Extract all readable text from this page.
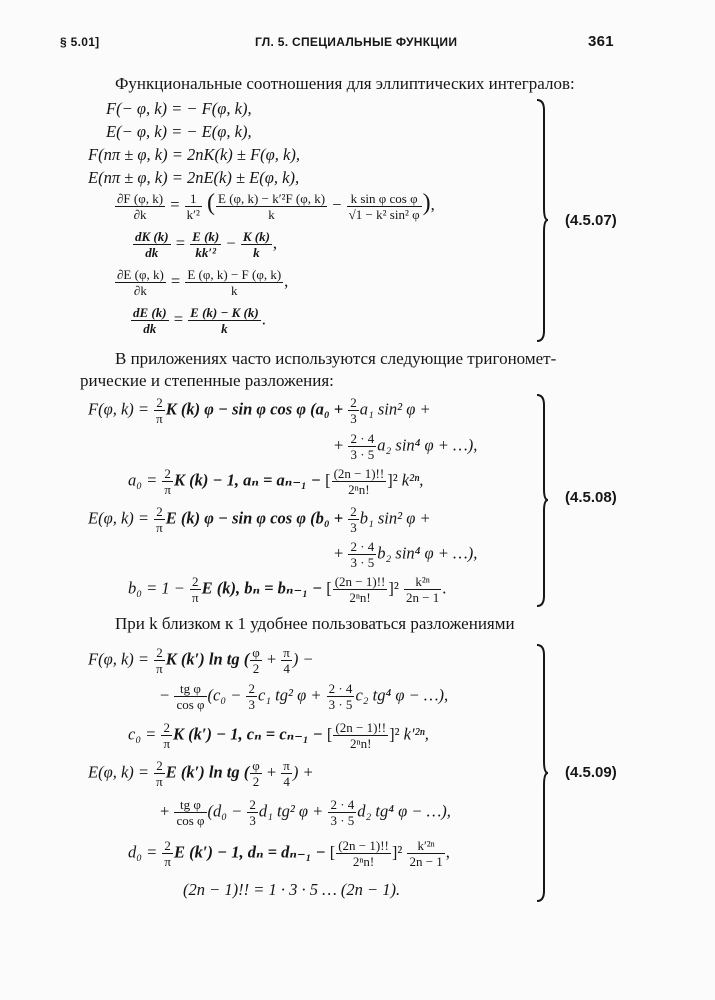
§ 5.01]	ГЛ. 5. СПЕЦИАЛЬНЫЕ ФУНКЦИИ	361
Функциональные соотношения для эллиптических интегралов:
F(− φ, k) = − F(φ, k),
E(− φ, k) = − E(φ, k),
F(nπ ± φ, k) = 2nK(k) ± F(φ, k),
E(nπ ± φ, k) = 2nE(k) ± E(φ, k),
$\frac{\partial F (\varphi, k)}{\partial k} = \frac{1}{\text{k′²}}$ ( $\frac{\text{E (φ, k) − k′²F (φ, k)}}{k} - \frac{\text{k sin φ cos φ}}{\text{√1 − k² sin² φ}}$ ),
$\frac{dK (k)}{dk} = \frac{E (k)}{\text{kk′²}} - \frac{K (k)}{k}$ ,
$\frac{\partial E (\varphi, k)}{\partial k} = \frac{E (\varphi, k) - F (\varphi, k)}{k}$ ,
$\frac{dE (k)}{dk} = \frac{E (k) - K (k)}{k}$ .
(4.5.07)
В приложениях часто используются следующие тригономет-
рические и степенные разложения:
F(φ, $k) = \frac{2}{\pi}$ K (k) φ − sin φ cos φ ($a_0 + \frac{2}{3} a_1$ sin² φ +
+ $\frac{2 \cdot 4}{3 \cdot 5} a_2$ sin⁴ φ + …),
$a_0 = \frac{2}{\pi}$ K (k) − 1, aₙ = aₙ₋₁ − [ $\frac{(2n - 1)!!}{\text{2ⁿn!}} ]^2$ k²ⁿ,
E(φ, $k) = \frac{2}{\pi}$ E (k) φ − sin φ cos φ ($b_0 + \frac{2}{3} b_1$ sin² φ +
+ $\frac{2 \cdot 4}{3 \cdot 5} b_2$ sin⁴ φ + …),
$b_0 = 1 - \frac{2}{\pi}$ E (k), bₙ = bₙ₋₁ − [ $\frac{(2n - 1)!!}{\text{2ⁿn!}} ]^2 \frac{\text{k²ⁿ}}{2n - 1}$ .
(4.5.08)
При k близком к 1 удобнее пользоваться разложениями
F(φ, $k) = \frac{2}{\pi}$ K (k′) ln tg ( $\frac{\varphi}{2} + \frac{\pi}{4}$ ) −
− $\frac{\text{tg φ}}{\text{cos φ}} (c_0 - \frac{2}{3} c_1$ tg² $\varphi + \frac{2 \cdot 4}{3 \cdot 5} c_2$ tg⁴ φ − …),
$c_0 = \frac{2}{\pi}$ K (k′) − 1, cₙ = cₙ₋₁ − [ $\frac{(2n - 1)!!}{\text{2ⁿn!}} ]^2$ k′²ⁿ,
E(φ, $k) = \frac{2}{\pi}$ E (k′) ln tg ( $\frac{\varphi}{2} + \frac{\pi}{4}$ ) +
+ $\frac{\text{tg φ}}{\text{cos φ}} (d_0 - \frac{2}{3} d_1$ tg² $\varphi + \frac{2 \cdot 4}{3 \cdot 5} d_2$ tg⁴ φ − …),
$d_0 = \frac{2}{\pi}$ E (k′) − 1, dₙ = dₙ₋₁ − [ $\frac{(2n - 1)!!}{\text{2ⁿn!}} ]^2 \frac{\text{k′²ⁿ}}{2n - 1}$ ,
(2n − 1)!! = 1 · 3 · 5 … (2n − 1).
(4.5.09)
